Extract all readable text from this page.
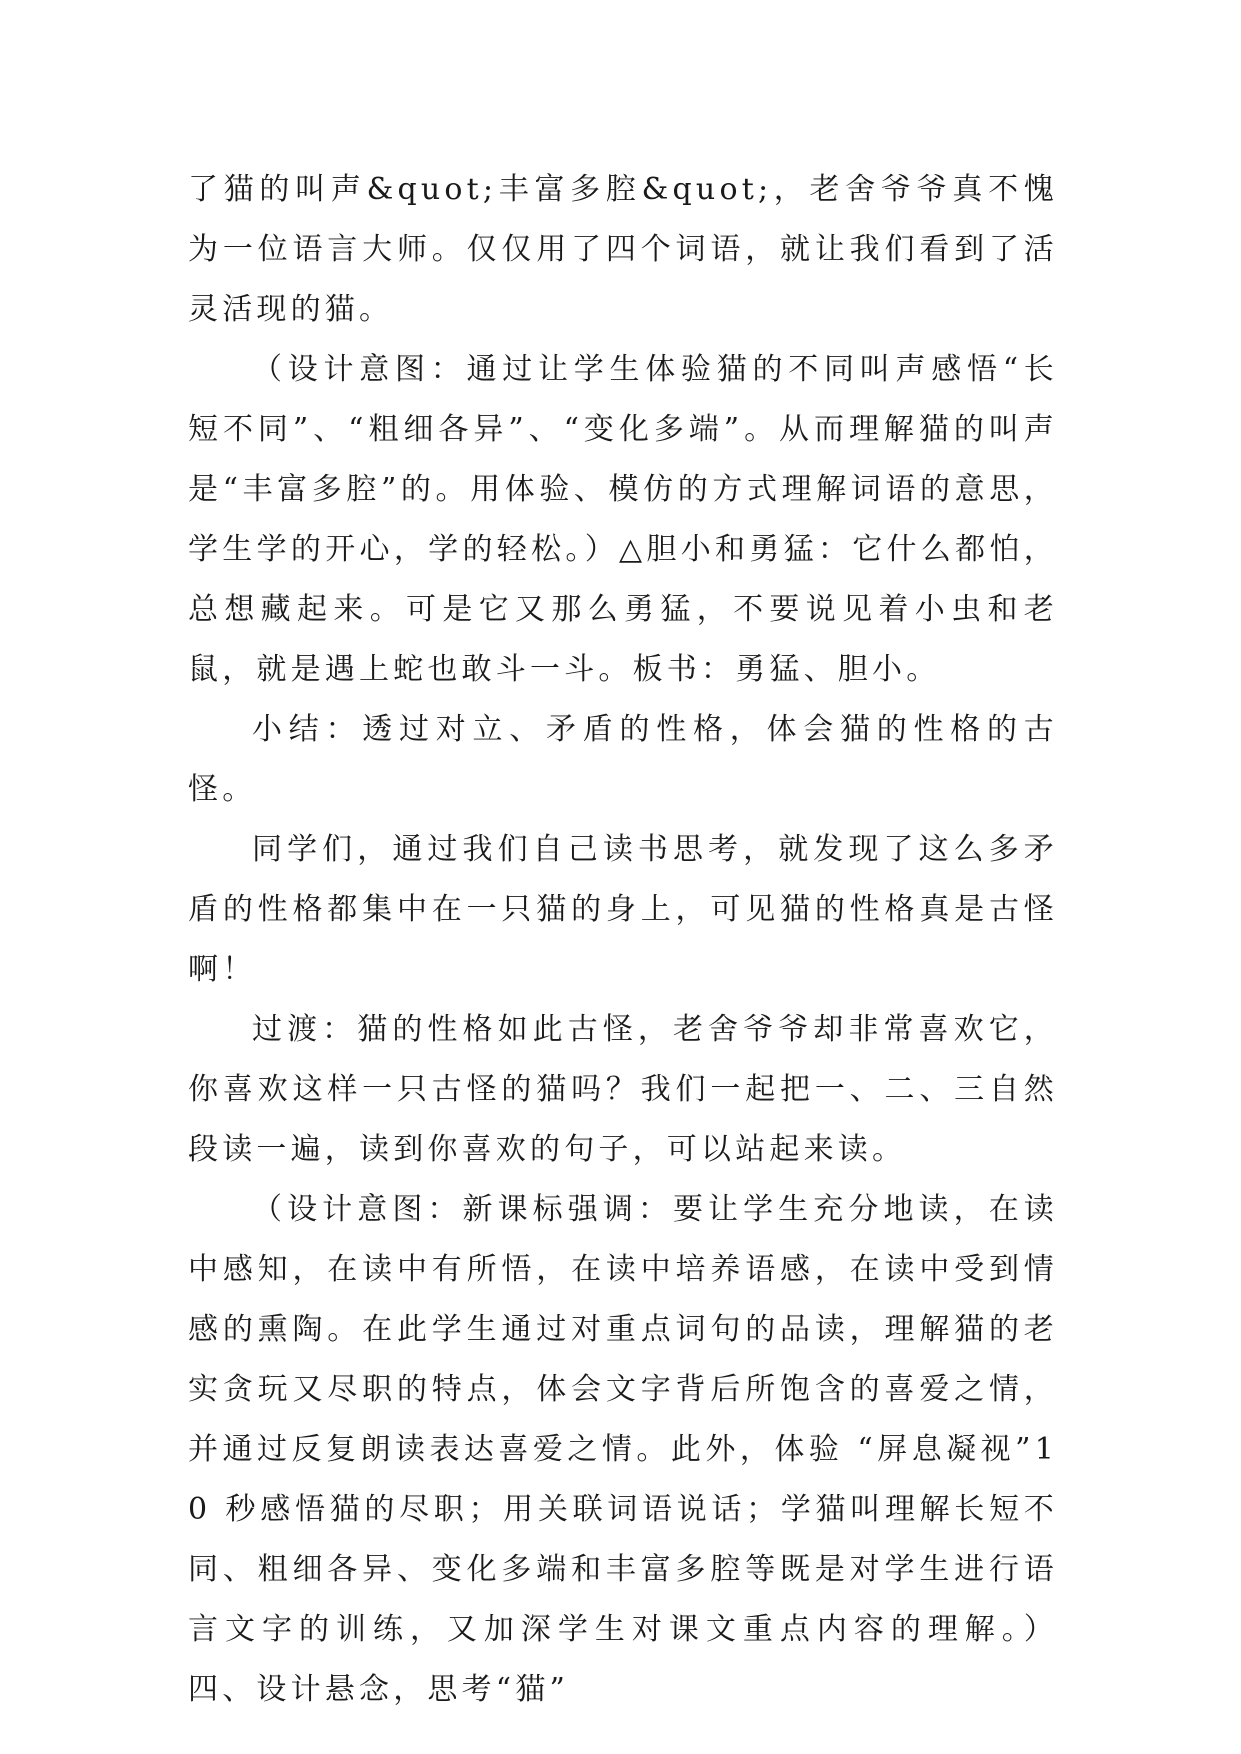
了猫的叫声&quot;丰富多腔&quot;，老舍爷爷真不愧为一位语言大师。仅仅用了四个词语，就让我们看到了活灵活现的猫。

（设计意图：通过让学生体验猫的不同叫声感悟“长短不同”、“粗细各异”、“变化多端”。从而理解猫的叫声是“丰富多腔”的。用体验、模仿的方式理解词语的意思，学生学的开心，学的轻松。）△胆小和勇猛：它什么都怕，总想藏起来。可是它又那么勇猛，不要说见着小虫和老鼠，就是遇上蛇也敢斗一斗。板书：勇猛、胆小。

小结：透过对立、矛盾的性格，体会猫的性格的古怪。

同学们，通过我们自己读书思考，就发现了这么多矛盾的性格都集中在一只猫的身上，可见猫的性格真是古怪啊！

过渡：猫的性格如此古怪，老舍爷爷却非常喜欢它，你喜欢这样一只古怪的猫吗？我们一起把一、二、三自然段读一遍，读到你喜欢的句子，可以站起来读。

（设计意图：新课标强调：要让学生充分地读，在读中感知，在读中有所悟，在读中培养语感，在读中受到情感的熏陶。在此学生通过对重点词句的品读，理解猫的老实贪玩又尽职的特点，体会文字背后所饱含的喜爱之情，并通过反复朗读表达喜爱之情。此外，体验 “屏息凝视”10 秒感悟猫的尽职；用关联词语说话；学猫叫理解长短不同、粗细各异、变化多端和丰富多腔等既是对学生进行语言文字的训练，又加深学生对课文重点内容的理解。）四、设计悬念，思考“猫”
